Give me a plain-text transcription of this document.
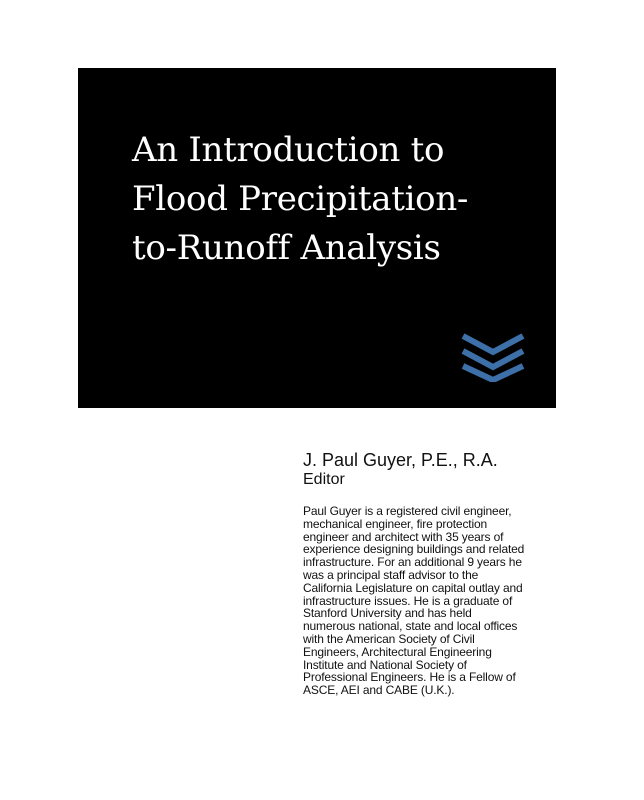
An Introduction to
Flood Precipitation-
to-Runoff Analysis

J. Paul Guyer, P.E., R.A.

Editor

Paul Guyer is a registered civil engineer,
mechanical engineer, fire protection
engineer and architect with 35 years of
experience designing buildings and related
infrastructure. For an additional 9 years he
was a principal staff advisor to the
California Legislature on capital outlay and
infrastructure issues. He is a graduate of
Stanford University and has held
numerous national, state and local offices
with the American Society of Civil
Engineers, Architectural Engineering
Institute and National Society of
Professional Engineers. He is a Fellow of
ASCE, AEI and CABE (U.K.).
